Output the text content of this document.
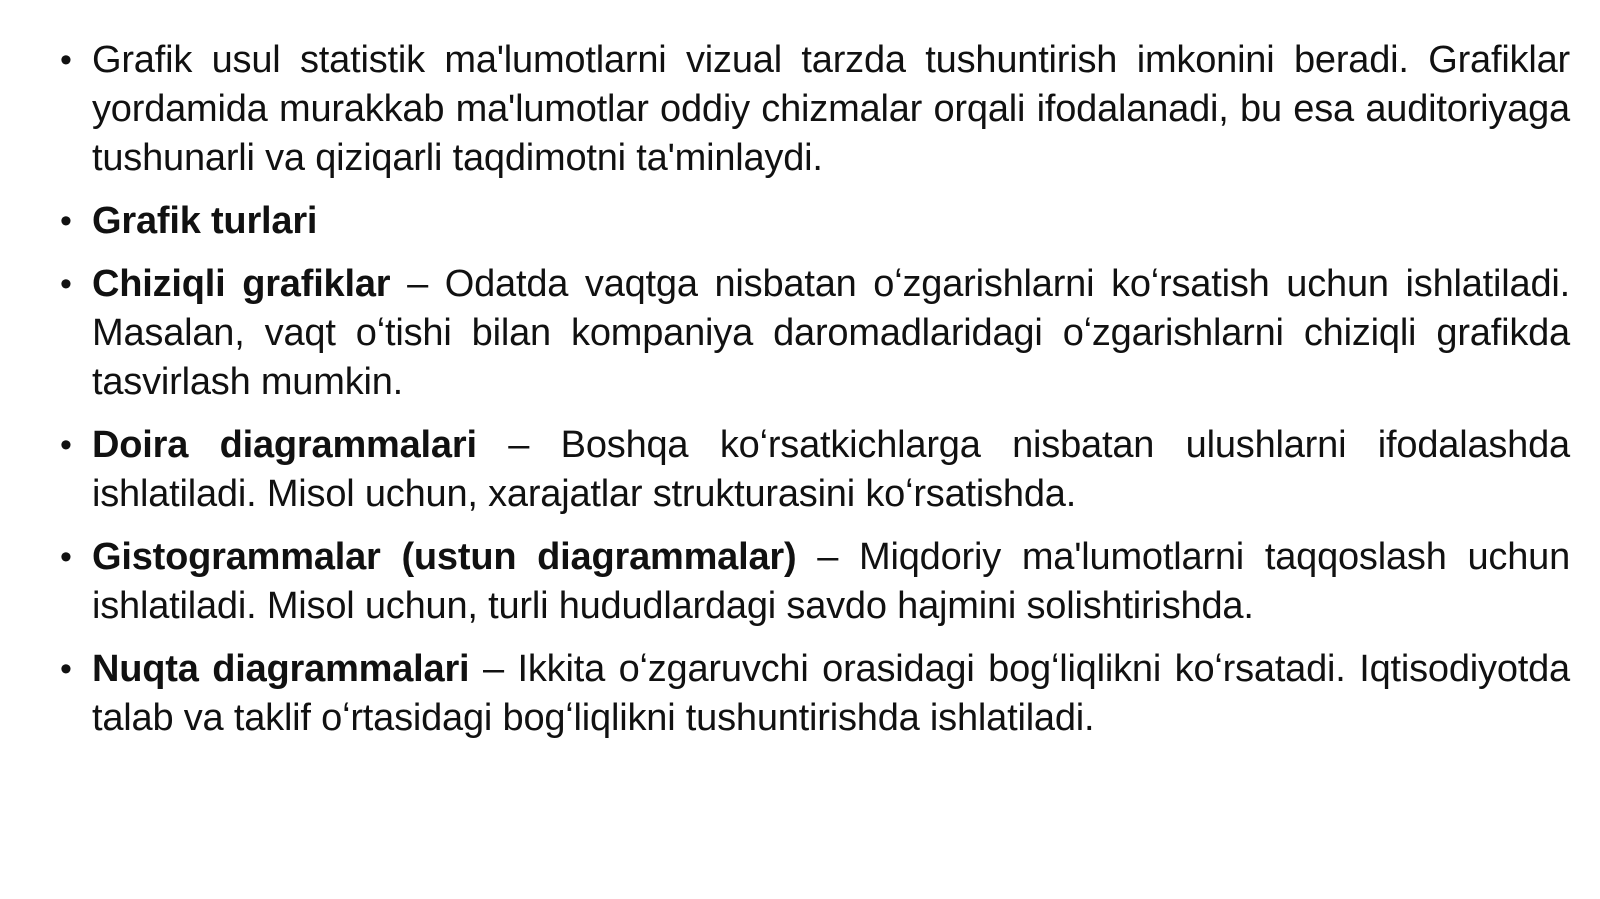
• Grafik usul statistik ma'lumotlarni vizual tarzda tushuntirish imkonini beradi. Grafiklar yordamida murakkab ma'lumotlar oddiy chizmalar orqali ifodalanadi, bu esa auditoriyaga tushunarli va qiziqarli taqdimotni ta'minlaydi.
• Grafik turlari
• Chiziqli grafiklar – Odatda vaqtga nisbatan oʻzgarishlarni koʻrsatish uchun ishlatiladi. Masalan, vaqt oʻtishi bilan kompaniya daromadlaridagi oʻzgarishlarni chiziqli grafikda tasvirlash mumkin.
• Doira diagrammalari – Boshqa koʻrsatkichlarga nisbatan ulushlarni ifodalashda ishlatiladi. Misol uchun, xarajatlar strukturasini koʻrsatishda.
• Gistogrammalar (ustun diagrammalar) – Miqdoriy ma'lumotlarni taqqoslash uchun ishlatiladi. Misol uchun, turli hududlardagi savdo hajmini solishtirishda.
• Nuqta diagrammalari – Ikkita oʻzgaruvchi orasidagi bogʻliqlikni koʻrsatadi. Iqtisodiyotda talab va taklif oʻrtasidagi bogʻliqlikni tushuntirishda ishlatiladi.
